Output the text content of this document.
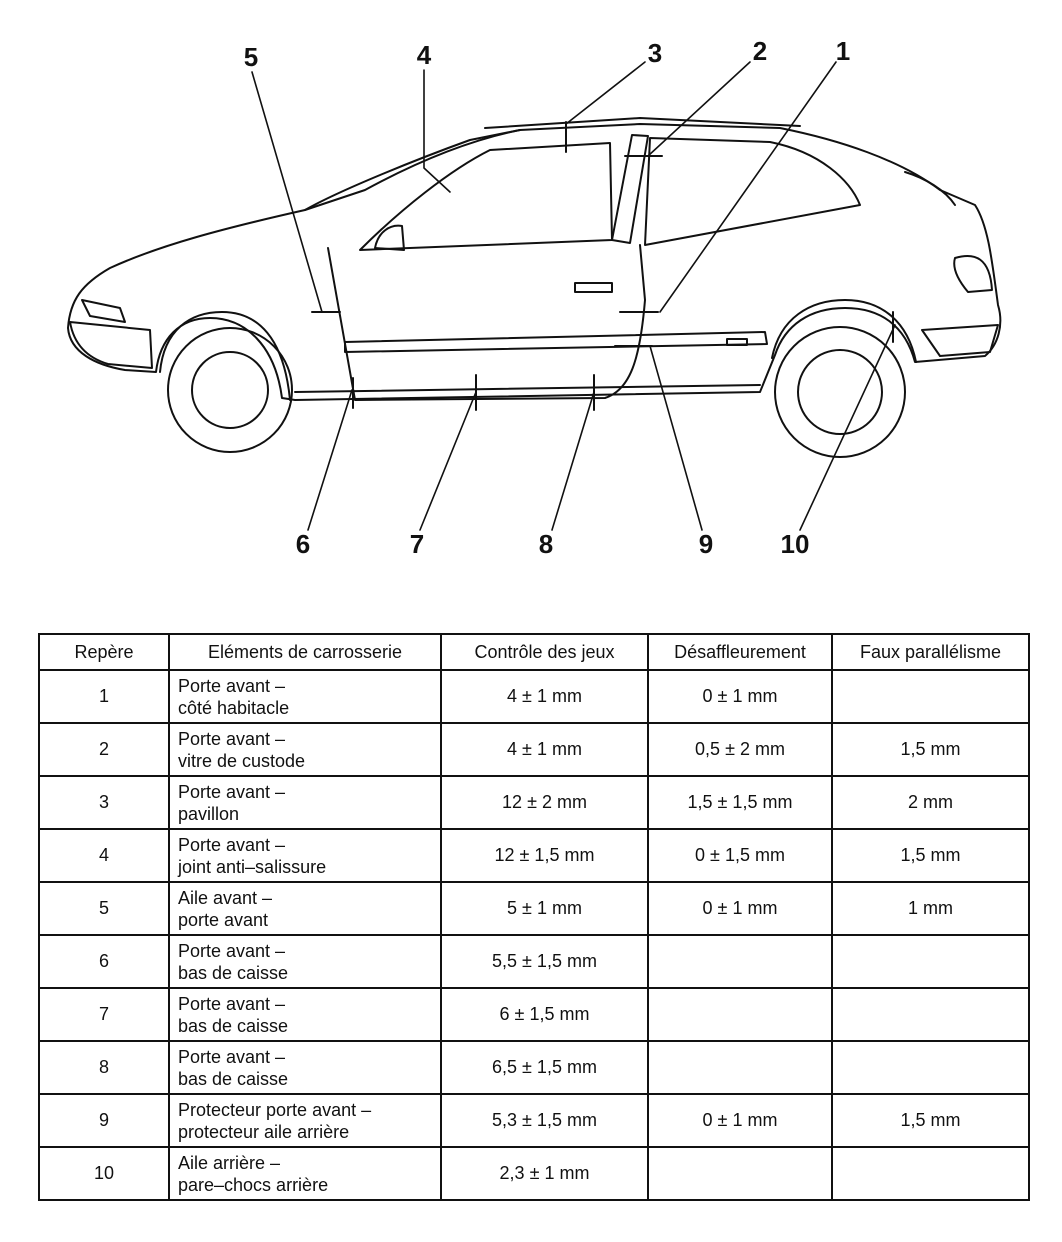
1
2
3
4
5
6	7	8	9	10
Repère	Eléments de carrosserie	Contrôle des jeux	Désaffleurement	Faux parallélisme
1	Porte avant –
côté habitacle	4 ± 1 mm	0 ± 1 mm	
2	Porte avant –
vitre de custode	4 ± 1 mm	0,5 ± 2 mm	1,5 mm
3	Porte avant –
pavillon	12 ± 2 mm	1,5 ± 1,5 mm	2 mm
4	Porte avant –
joint anti–salissure	12 ± 1,5 mm	0 ± 1,5 mm	1,5 mm
5	Aile avant –
porte avant	5 ± 1 mm	0 ± 1 mm	1 mm
6	Porte avant –
bas de caisse	5,5 ± 1,5 mm		
7	Porte avant –
bas de caisse	6 ± 1,5 mm		
8	Porte avant –
bas de caisse	6,5 ± 1,5 mm		
9	Protecteur porte avant –
protecteur aile arrière	5,3 ± 1,5 mm	0 ± 1 mm	1,5 mm
10	Aile arrière –
pare–chocs arrière	2,3 ± 1 mm		
